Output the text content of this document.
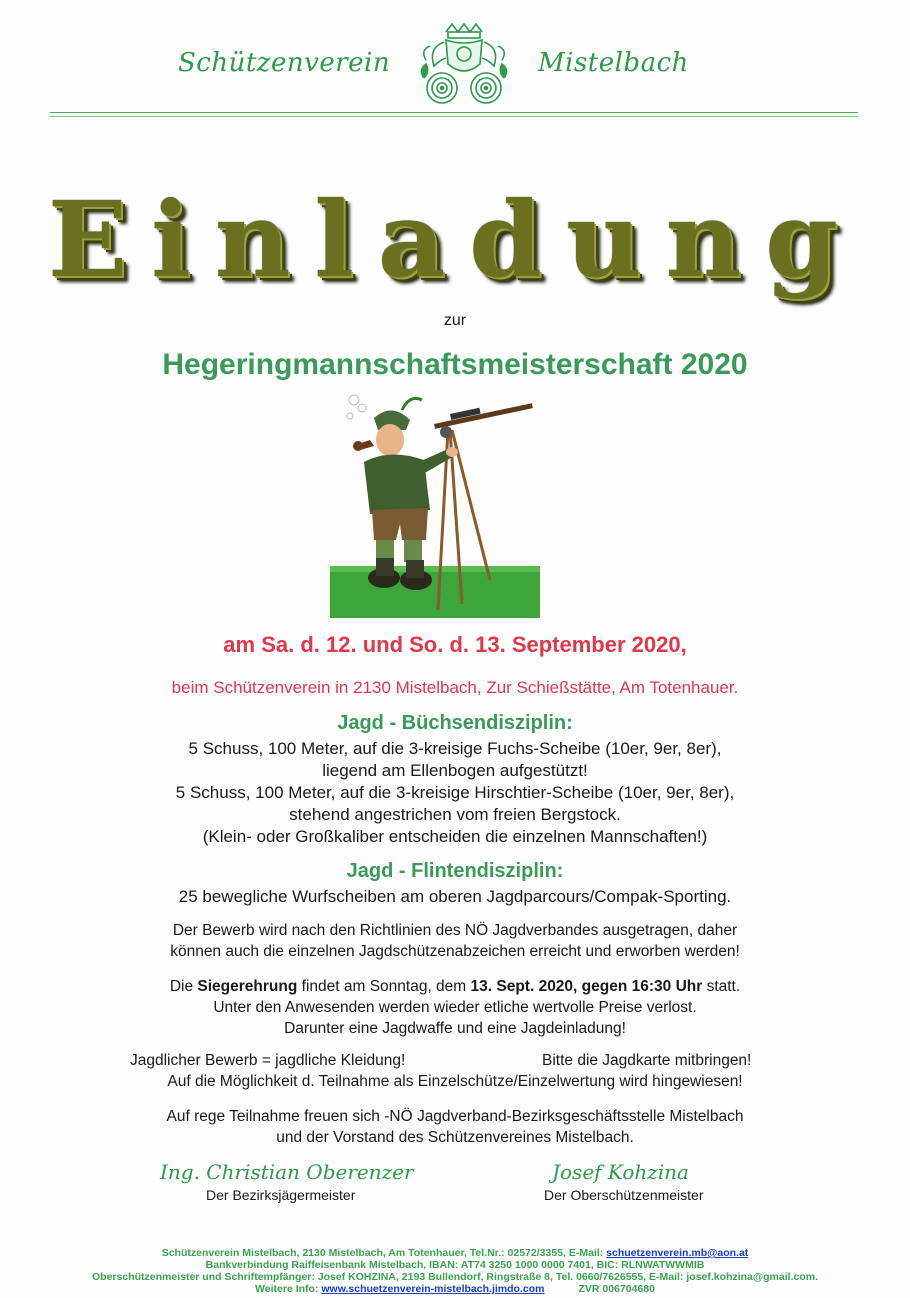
Schützenverein	Mistelbach
Einladung
zur
Hegeringmannschaftsmeisterschaft 2020
am Sa. d. 12. und So. d. 13. September 2020,
beim Schützenverein in 2130 Mistelbach, Zur Schießstätte, Am Totenhauer.
Jagd - Büchsendisziplin:
5 Schuss, 100 Meter, auf die 3-kreisige Fuchs-Scheibe (10er, 9er, 8er),
liegend am Ellenbogen aufgestützt!
5 Schuss, 100 Meter, auf die 3-kreisige Hirschtier-Scheibe (10er, 9er, 8er),
stehend angestrichen vom freien Bergstock.
(Klein- oder Großkaliber entscheiden die einzelnen Mannschaften!)
Jagd - Flintendisziplin:
25 bewegliche Wurfscheiben am oberen Jagdparcours/Compak-Sporting.
Der Bewerb wird nach den Richtlinien des NÖ Jagdverbandes ausgetragen, daher
können auch die einzelnen Jagdschützenabzeichen erreicht und erworben werden!
Die Siegerehrung findet am Sonntag, dem 13. Sept. 2020, gegen 16:30 Uhr statt.
Unter den Anwesenden werden wieder etliche wertvolle Preise verlost.
Darunter eine Jagdwaffe und eine Jagdeinladung!
Jagdlicher Bewerb = jagdliche Kleidung!	Bitte die Jagdkarte mitbringen!
Auf die Möglichkeit d. Teilnahme als Einzelschütze/Einzelwertung wird hingewiesen!
Auf rege Teilnahme freuen sich -NÖ Jagdverband-Bezirksgeschäftsstelle Mistelbach
und der Vorstand des Schützenvereines Mistelbach.
Ing. Christian Oberenzer
Der Bezirksjägermeister
Josef Kohzina
Der Oberschützenmeister
Schützenverein Mistelbach, 2130 Mistelbach, Am Totenhauer, Tel.Nr.: 02572/3355, E-Mail: schuetzenverein.mb@aon.at
Bankverbindung Raiffeisenbank Mistelbach, IBAN: AT74 3250 1000 0000 7401, BIC: RLNWATWWMIB
Oberschützenmeister und Schriftempfänger: Josef KOHZINA, 2193 Bullendorf, Ringstraße 8, Tel. 0660/7626555, E-Mail: josef.kohzina@gmail.com.
Weitere Info: www.schuetzenverein-mistelbach.jimdo.com	ZVR 006704680
